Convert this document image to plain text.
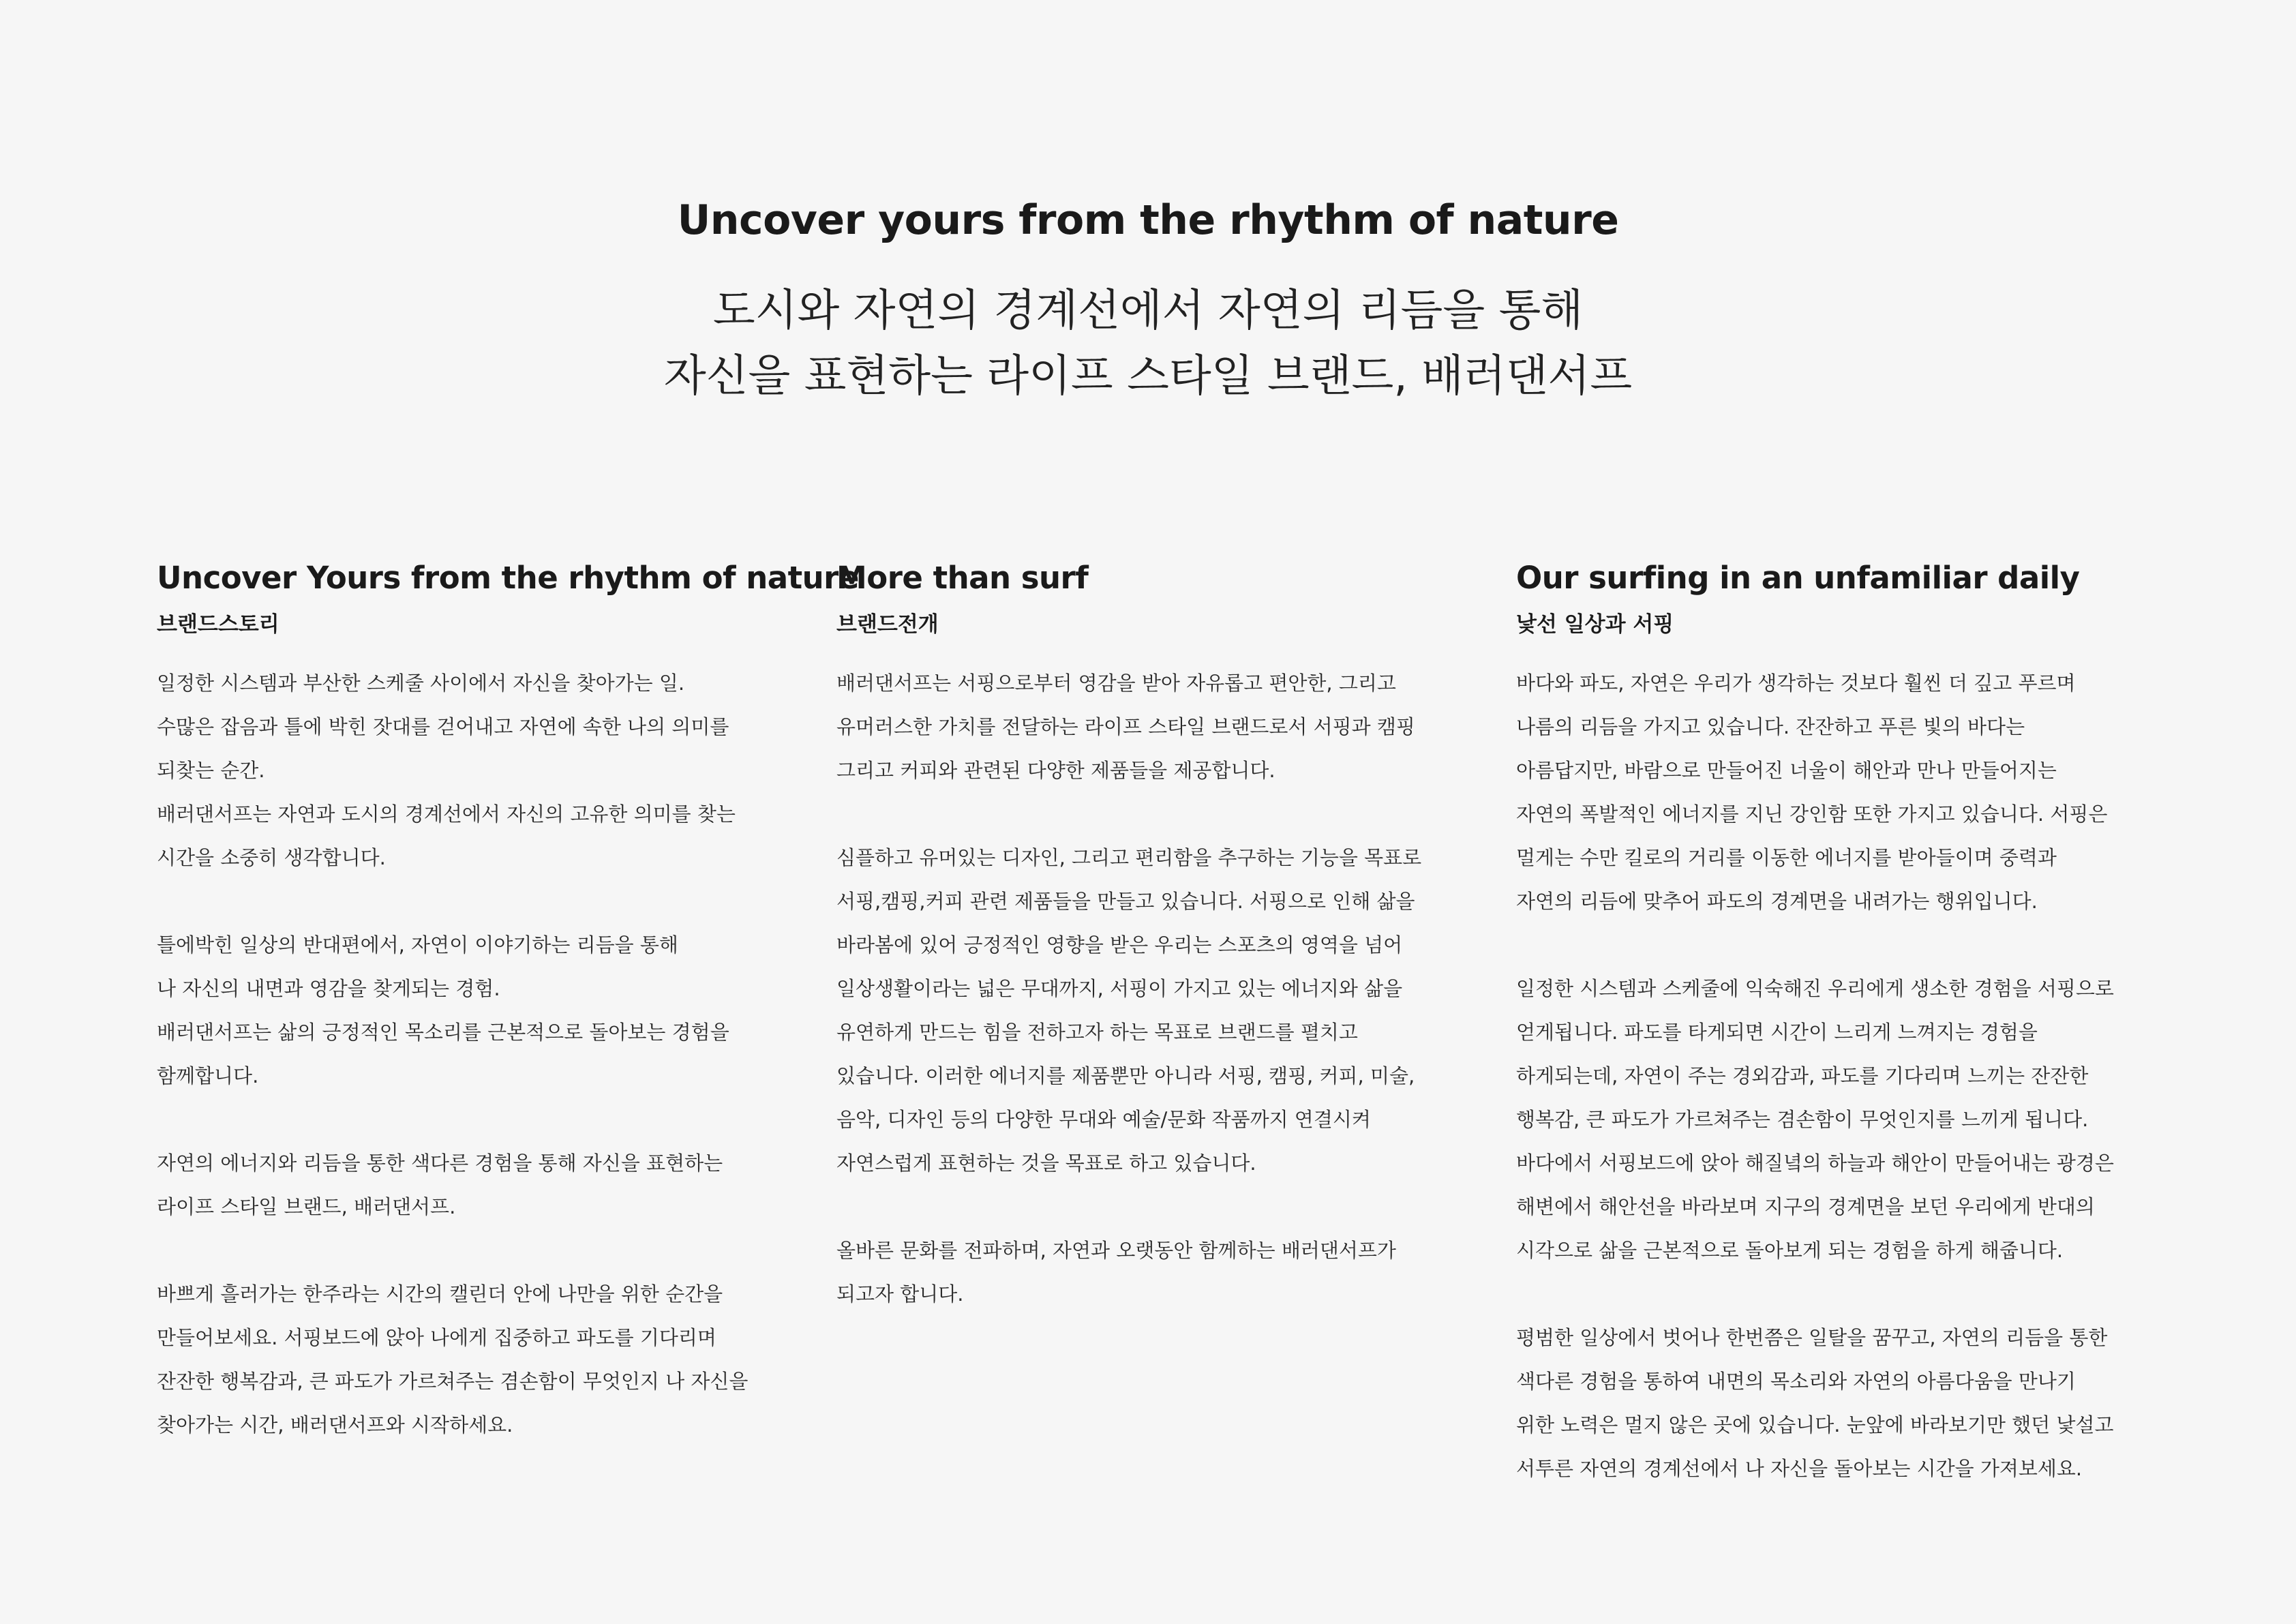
Uncover yours from the rhythm of nature
도시와 자연의 경계선에서 자연의 리듬을 통해
자신을 표현하는 라이프 스타일 브랜드, 배러댄서프
Uncover Yours from the rhythm of nature
브랜드스토리
일정한 시스템과 부산한 스케줄 사이에서 자신을 찾아가는 일.
수많은 잡음과 틀에 박힌 잣대를 걷어내고 자연에 속한 나의 의미를
되찾는 순간.
배러댄서프는 자연과 도시의 경계선에서 자신의 고유한 의미를 찾는
시간을 소중히 생각합니다.
틀에박힌 일상의 반대편에서, 자연이 이야기하는 리듬을 통해
나 자신의 내면과 영감을 찾게되는 경험.
배러댄서프는 삶의 긍정적인 목소리를 근본적으로 돌아보는 경험을
함께합니다.
자연의 에너지와 리듬을 통한 색다른 경험을 통해 자신을 표현하는
라이프 스타일 브랜드, 배러댄서프.
바쁘게 흘러가는 한주라는 시간의 캘린더 안에 나만을 위한 순간을
만들어보세요. 서핑보드에 앉아 나에게 집중하고 파도를 기다리며
잔잔한 행복감과, 큰 파도가 가르쳐주는 겸손함이 무엇인지 나 자신을
찾아가는 시간, 배러댄서프와 시작하세요.
More than surf
브랜드전개
배러댄서프는 서핑으로부터 영감을 받아 자유롭고 편안한, 그리고
유머러스한 가치를 전달하는 라이프 스타일 브랜드로서 서핑과 캠핑
그리고 커피와 관련된 다양한 제품들을 제공합니다.
심플하고 유머있는 디자인, 그리고 편리함을 추구하는 기능을 목표로
서핑,캠핑,커피 관련 제품들을 만들고 있습니다. 서핑으로 인해 삶을
바라봄에 있어 긍정적인 영향을 받은 우리는 스포츠의 영역을 넘어
일상생활이라는 넓은 무대까지, 서핑이 가지고 있는 에너지와 삶을
유연하게 만드는 힘을 전하고자 하는 목표로 브랜드를 펼치고
있습니다. 이러한 에너지를 제품뿐만 아니라 서핑, 캠핑, 커피, 미술,
음악, 디자인 등의 다양한 무대와 예술/문화 작품까지 연결시켜
자연스럽게 표현하는 것을 목표로 하고 있습니다.
올바른 문화를 전파하며, 자연과 오랫동안 함께하는 배러댄서프가
되고자 합니다.
Our surfing in an unfamiliar daily
낯선 일상과 서핑
바다와 파도, 자연은 우리가 생각하는 것보다 훨씬 더 깊고 푸르며
나름의 리듬을 가지고 있습니다. 잔잔하고 푸른 빛의 바다는
아름답지만, 바람으로 만들어진 너울이 해안과 만나 만들어지는
자연의 폭발적인 에너지를 지닌 강인함 또한 가지고 있습니다. 서핑은
멀게는 수만 킬로의 거리를 이동한 에너지를 받아들이며 중력과
자연의 리듬에 맞추어 파도의 경계면을 내려가는 행위입니다.
일정한 시스템과 스케줄에 익숙해진 우리에게 생소한 경험을 서핑으로
얻게됩니다. 파도를 타게되면 시간이 느리게 느껴지는 경험을
하게되는데, 자연이 주는 경외감과, 파도를 기다리며 느끼는 잔잔한
행복감, 큰 파도가 가르쳐주는 겸손함이 무엇인지를 느끼게 됩니다.
바다에서 서핑보드에 앉아 해질녘의 하늘과 해안이 만들어내는 광경은
해변에서 해안선을 바라보며 지구의 경계면을 보던 우리에게 반대의
시각으로 삶을 근본적으로 돌아보게 되는 경험을 하게 해줍니다.
평범한 일상에서 벗어나 한번쯤은 일탈을 꿈꾸고, 자연의 리듬을 통한
색다른 경험을 통하여 내면의 목소리와 자연의 아름다움을 만나기
위한 노력은 멀지 않은 곳에 있습니다. 눈앞에 바라보기만 했던 낯설고
서투른 자연의 경계선에서 나 자신을 돌아보는 시간을 가져보세요.
